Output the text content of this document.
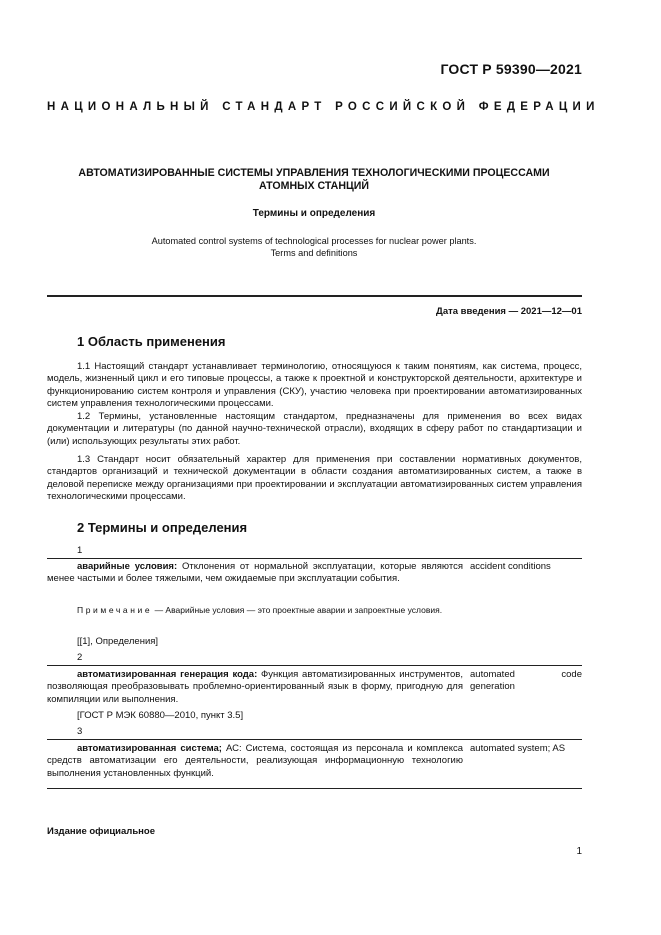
ГОСТ Р 59390—2021
НАЦИОНАЛЬНЫЙ СТАНДАРТ РОССИЙСКОЙ ФЕДЕРАЦИИ
АВТОМАТИЗИРОВАННЫЕ СИСТЕМЫ УПРАВЛЕНИЯ ТЕХНОЛОГИЧЕСКИМИ ПРОЦЕССАМИ
АТОМНЫХ СТАНЦИЙ
Термины и определения
Automated control systems of technological processes for nuclear power plants.
Terms and definitions
Дата введения — 2021—12—01
1 Область применения

1.1 Настоящий стандарт устанавливает терминологию, относящуюся к таким понятиям, как система, процесс, модель, жизненный цикл и его типовые процессы, а также к проектной и конструкторской деятельности, архитектуре и функционированию систем контроля и управления (СКУ), участию человека при проектировании автоматизированных систем управления технологическими процессами.

1.2 Термины, установленные настоящим стандартом, предназначены для применения во всех видах документации и литературы (по данной научно-технической отрасли), входящих в сферу работ по стандартизации и (или) использующих результаты этих работ.

1.3 Стандарт носит обязательный характер для применения при составлении нормативных документов, стандартов организаций и технической документации в области создания автоматизированных систем, а также в деловой переписке между организациями при проектировании и эксплуатации автоматизированных систем управления технологическими процессами.

2 Термины и определения
1

аварийные условия: Отклонения от нормальной эксплуатации, которые являются менее частыми и более тяжелыми, чем ожидаемые при эксплуатации события.

accident conditions

Примечание — Аварийные условия — это проектные аварии и запроектные условия.

[[1], Определения]
2

автоматизированная генерация кода: Функция автоматизированных инструментов, позволяющая преобразовывать проблемно-ориентированный язык в форму, пригодную для компиляции или выполнения.

automated code generation
[ГОСТ Р МЭК 60880—2010, пункт 3.5]
3

автоматизированная система; АС: Система, состоящая из персонала и комплекса средств автоматизации его деятельности, реализующая информационную технологию выполнения установленных функций.

automated system; AS
Издание официальное
1
